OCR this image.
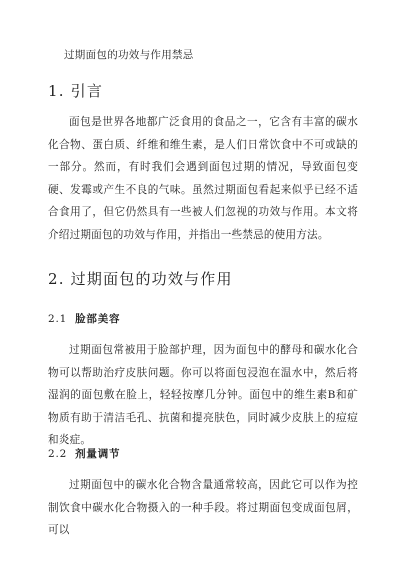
过期面包的功效与作用禁忌
1. 引言

面包是世界各地都广泛食用的食品之一，它含有丰富的碳水化合物、蛋白质、纤维和维生素，是人们日常饮食中不可或缺的一部分。然而，有时我们会遇到面包过期的情况，导致面包变硬、发霉或产生不良的气味。虽然过期面包看起来似乎已经不适合食用了，但它仍然具有一些被人们忽视的功效与作用。本文将介绍过期面包的功效与作用，并指出一些禁忌的使用方法。

2. 过期面包的功效与作用
2.1 脸部美容

过期面包常被用于脸部护理，因为面包中的酵母和碳水化合物可以帮助治疗皮肤问题。你可以将面包浸泡在温水中，然后将湿润的面包敷在脸上，轻轻按摩几分钟。面包中的维生素B和矿物质有助于清洁毛孔、抗菌和提亮肤色，同时减少皮肤上的痘痘和炎症。

2.2 剂量调节

过期面包中的碳水化合物含量通常较高，因此它可以作为控制饮食中碳水化合物摄入的一种手段。将过期面包变成面包屑，可以
